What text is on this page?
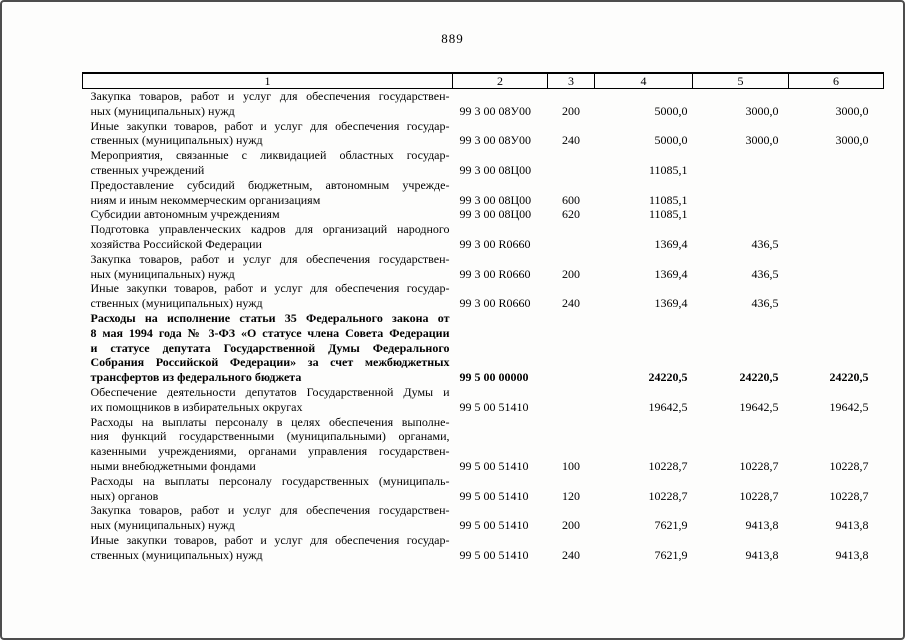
889
1	2	3	4	5	6

Закупка товаров, работ и услуг для обеспечения государствен-
ных (муниципальных) нужд	99 3 00 08У00	200	5000,0	3000,0	3000,0

Иные закупки товаров, работ и услуг для обеспечения государ-
ственных (муниципальных) нужд	99 3 00 08У00	240	5000,0	3000,0	3000,0

Мероприятия, связанные с ликвидацией областных государ-
ственных учреждений	99 3 00 08Ц00		11085,1		

Предоставление субсидий бюджетным, автономным учрежде-
ниям и иным некоммерческим организациям	99 3 00 08Ц00	600	11085,1		

Субсидии автономным учреждениям	99 3 00 08Ц00	620	11085,1		

Подготовка управленческих кадров для организаций народного
хозяйства Российской Федерации	99 3 00 R0660		1369,4	436,5	

Закупка товаров, работ и услуг для обеспечения государствен-
ных (муниципальных) нужд	99 3 00 R0660	200	1369,4	436,5	

Иные закупки товаров, работ и услуг для обеспечения государ-
ственных (муниципальных) нужд	99 3 00 R0660	240	1369,4	436,5	

Расходы на исполнение статьи 35 Федерального закона от
8 мая 1994 года № 3-ФЗ «О статусе члена Совета Федерации
и статусе депутата Государственной Думы Федерального
Собрания Российской Федерации» за счет межбюджетных
трансфертов из федерального бюджета	99 5 00 00000		24220,5	24220,5	24220,5

Обеспечение деятельности депутатов Государственной Думы и
их помощников в избирательных округах	99 5 00 51410		19642,5	19642,5	19642,5

Расходы на выплаты персоналу в целях обеспечения выполне-
ния функций государственными (муниципальными) органами,
казенными учреждениями, органами управления государствен-
ными внебюджетными фондами	99 5 00 51410	100	10228,7	10228,7	10228,7

Расходы на выплаты персоналу государственных (муниципаль-
ных) органов	99 5 00 51410	120	10228,7	10228,7	10228,7

Закупка товаров, работ и услуг для обеспечения государствен-
ных (муниципальных) нужд	99 5 00 51410	200	7621,9	9413,8	9413,8

Иные закупки товаров, работ и услуг для обеспечения государ-
ственных (муниципальных) нужд	99 5 00 51410	240	7621,9	9413,8	9413,8
